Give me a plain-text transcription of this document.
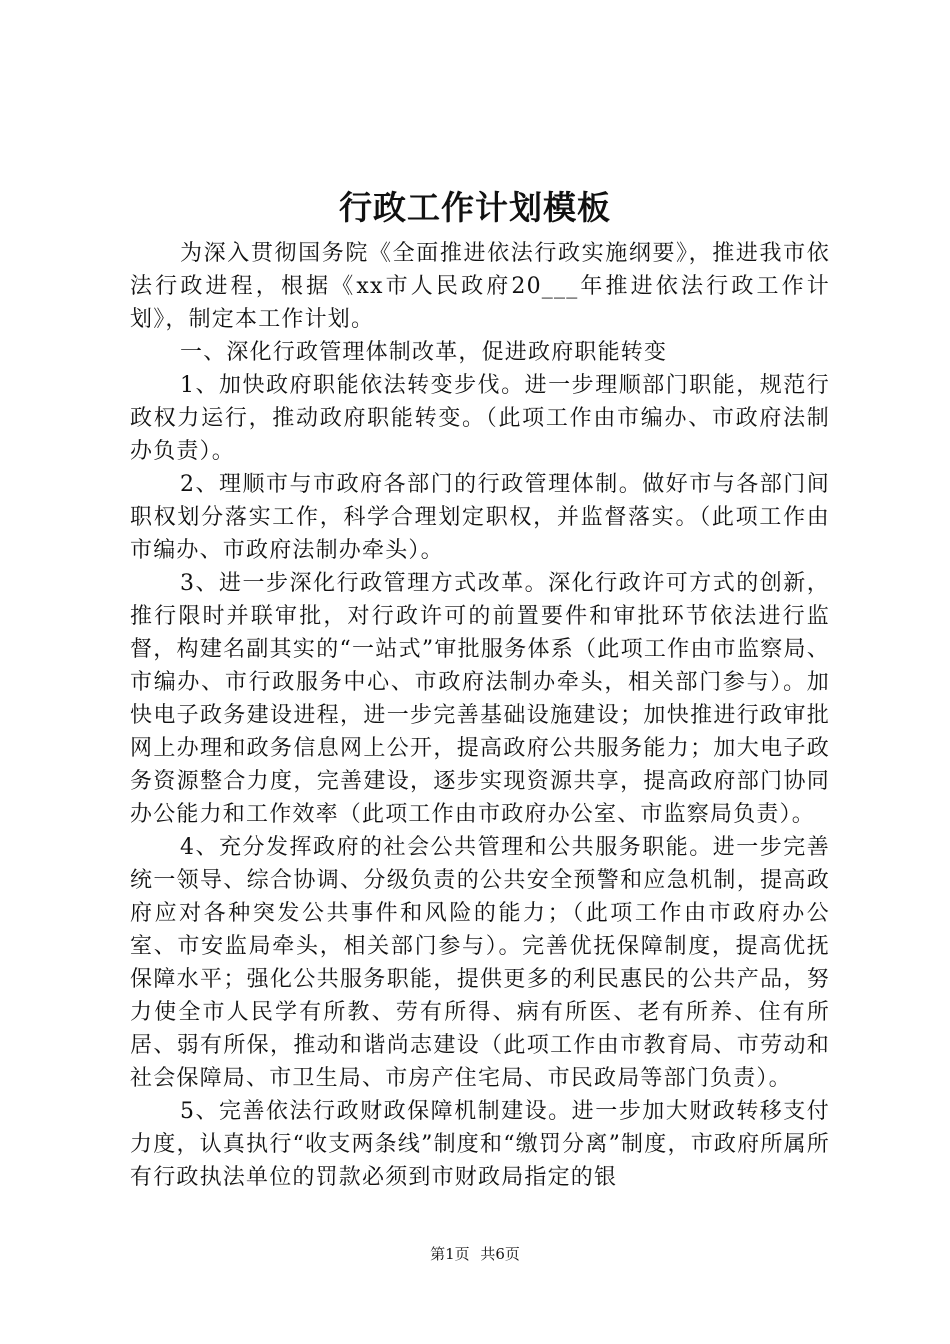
行政工作计划模板

为深入贯彻国务院《全面推进依法行政实施纲要》，推进我市依法行政进程，根据《xx市人民政府20___年推进依法行政工作计划》，制定本工作计划。

一、深化行政管理体制改革，促进政府职能转变

1、加快政府职能依法转变步伐。进一步理顺部门职能，规范行政权力运行，推动政府职能转变。（此项工作由市编办、市政府法制办负责）。

2、理顺市与市政府各部门的行政管理体制。做好市与各部门间职权划分落实工作，科学合理划定职权，并监督落实。（此项工作由市编办、市政府法制办牵头）。

3、进一步深化行政管理方式改革。深化行政许可方式的创新，推行限时并联审批，对行政许可的前置要件和审批环节依法进行监督，构建名副其实的“一站式”审批服务体系（此项工作由市监察局、市编办、市行政服务中心、市政府法制办牵头，相关部门参与）。加快电子政务建设进程，进一步完善基础设施建设；加快推进行政审批网上办理和政务信息网上公开，提高政府公共服务能力；加大电子政务资源整合力度，完善建设，逐步实现资源共享，提高政府部门协同办公能力和工作效率（此项工作由市政府办公室、市监察局负责）。

4、充分发挥政府的社会公共管理和公共服务职能。进一步完善统一领导、综合协调、分级负责的公共安全预警和应急机制，提高政府应对各种突发公共事件和风险的能力；（此项工作由市政府办公室、市安监局牵头，相关部门参与）。完善优抚保障制度，提高优抚保障水平；强化公共服务职能，提供更多的利民惠民的公共产品，努力使全市人民学有所教、劳有所得、病有所医、老有所养、住有所居、弱有所保，推动和谐尚志建设（此项工作由市教育局、市劳动和社会保障局、市卫生局、市房产住宅局、市民政局等部门负责）。

5、完善依法行政财政保障机制建设。进一步加大财政转移支付力度，认真执行“收支两条线”制度和“缴罚分离”制度，市政府所属所有行政执法单位的罚款必须到市财政局指定的银

第1页 共6页
